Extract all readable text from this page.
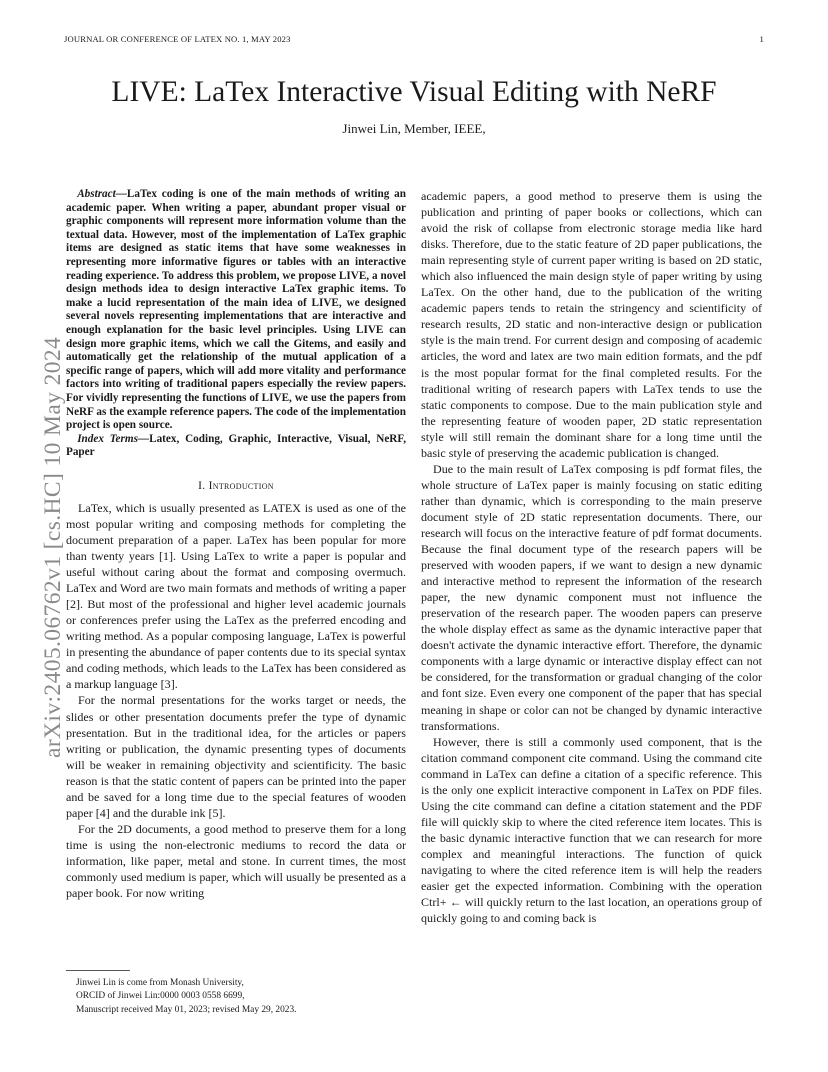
JOURNAL OR CONFERENCE OF LATEX NO. 1, MAY 2023	1
LIVE: LaTex Interactive Visual Editing with NeRF
Jinwei Lin, Member, IEEE,
arXiv:2405.06762v1 [cs.HC] 10 May 2024

Abstract—LaTex coding is one of the main methods of writing an academic paper. When writing a paper, abundant proper visual or graphic components will represent more information volume than the textual data. However, most of the implementation of LaTex graphic items are designed as static items that have some weaknesses in representing more informative figures or tables with an interactive reading experience. To address this problem, we propose LIVE, a novel design methods idea to design interactive LaTex graphic items. To make a lucid representation of the main idea of LIVE, we designed several novels representing implementations that are interactive and enough explanation for the basic level principles. Using LIVE can design more graphic items, which we call the Gitems, and easily and automatically get the relationship of the mutual application of a specific range of papers, which will add more vitality and performance factors into writing of traditional papers especially the review papers. For vividly representing the functions of LIVE, we use the papers from NeRF as the example reference papers. The code of the implementation project is open source.

Index Terms—Latex, Coding, Graphic, Interactive, Visual, NeRF, Paper

I. Introduction

LaTex, which is usually presented as LATEX is used as one of the most popular writing and composing methods for completing the document preparation of a paper. LaTex has been popular for more than twenty years [1]. Using LaTex to write a paper is popular and useful without caring about the format and composing overmuch. LaTex and Word are two main formats and methods of writing a paper [2]. But most of the professional and higher level academic journals or conferences prefer using the LaTex as the preferred encoding and writing method. As a popular composing language, LaTex is powerful in presenting the abundance of paper contents due to its special syntax and coding methods, which leads to the LaTex has been considered as a markup language [3].

For the normal presentations for the works target or needs, the slides or other presentation documents prefer the type of dynamic presentation. But in the traditional idea, for the articles or papers writing or publication, the dynamic presenting types of documents will be weaker in remaining objectivity and scientificity. The basic reason is that the static content of papers can be printed into the paper and be saved for a long time due to the special features of wooden paper [4] and the durable ink [5].

For the 2D documents, a good method to preserve them for a long time is using the non-electronic mediums to record the data or information, like paper, metal and stone. In current times, the most commonly used medium is paper, which will usually be presented as a paper book. For now writing

academic papers, a good method to preserve them is using the publication and printing of paper books or collections, which can avoid the risk of collapse from electronic storage media like hard disks. Therefore, due to the static feature of 2D paper publications, the main representing style of current paper writing is based on 2D static, which also influenced the main design style of paper writing by using LaTex. On the other hand, due to the publication of the writing academic papers tends to retain the stringency and scientificity of research results, 2D static and non-interactive design or publication style is the main trend. For current design and composing of academic articles, the word and latex are two main edition formats, and the pdf is the most popular format for the final completed results. For the traditional writing of research papers with LaTex tends to use the static components to compose. Due to the main publication style and the representing feature of wooden paper, 2D static representation style will still remain the dominant share for a long time until the basic style of preserving the academic publication is changed.

Due to the main result of LaTex composing is pdf format files, the whole structure of LaTex paper is mainly focusing on static editing rather than dynamic, which is corresponding to the main preserve document style of 2D static representation documents. There, our research will focus on the interactive feature of pdf format documents. Because the final document type of the research papers will be preserved with wooden papers, if we want to design a new dynamic and interactive method to represent the information of the research paper, the new dynamic component must not influence the preservation of the research paper. The wooden papers can preserve the whole display effect as same as the dynamic interactive paper that doesn't activate the dynamic interactive effort. Therefore, the dynamic components with a large dynamic or interactive display effect can not be considered, for the transformation or gradual changing of the color and font size. Even every one component of the paper that has special meaning in shape or color can not be changed by dynamic interactive transformations.

However, there is still a commonly used component, that is the citation command component cite command. Using the command cite command in LaTex can define a citation of a specific reference. This is the only one explicit interactive component in LaTex on PDF files. Using the cite command can define a citation statement and the PDF file will quickly skip to where the cited reference item locates. This is the basic dynamic interactive function that we can research for more complex and meaningful interactions. The function of quick navigating to where the cited reference item is will help the readers easier get the expected information. Combining with the operation Ctrl+ ← will quickly return to the last location, an operations group of quickly going to and coming back is

Jinwei Lin is come from Monash University,
ORCID of Jinwei Lin:0000 0003 0558 6699,
Manuscript received May 01, 2023; revised May 29, 2023.
